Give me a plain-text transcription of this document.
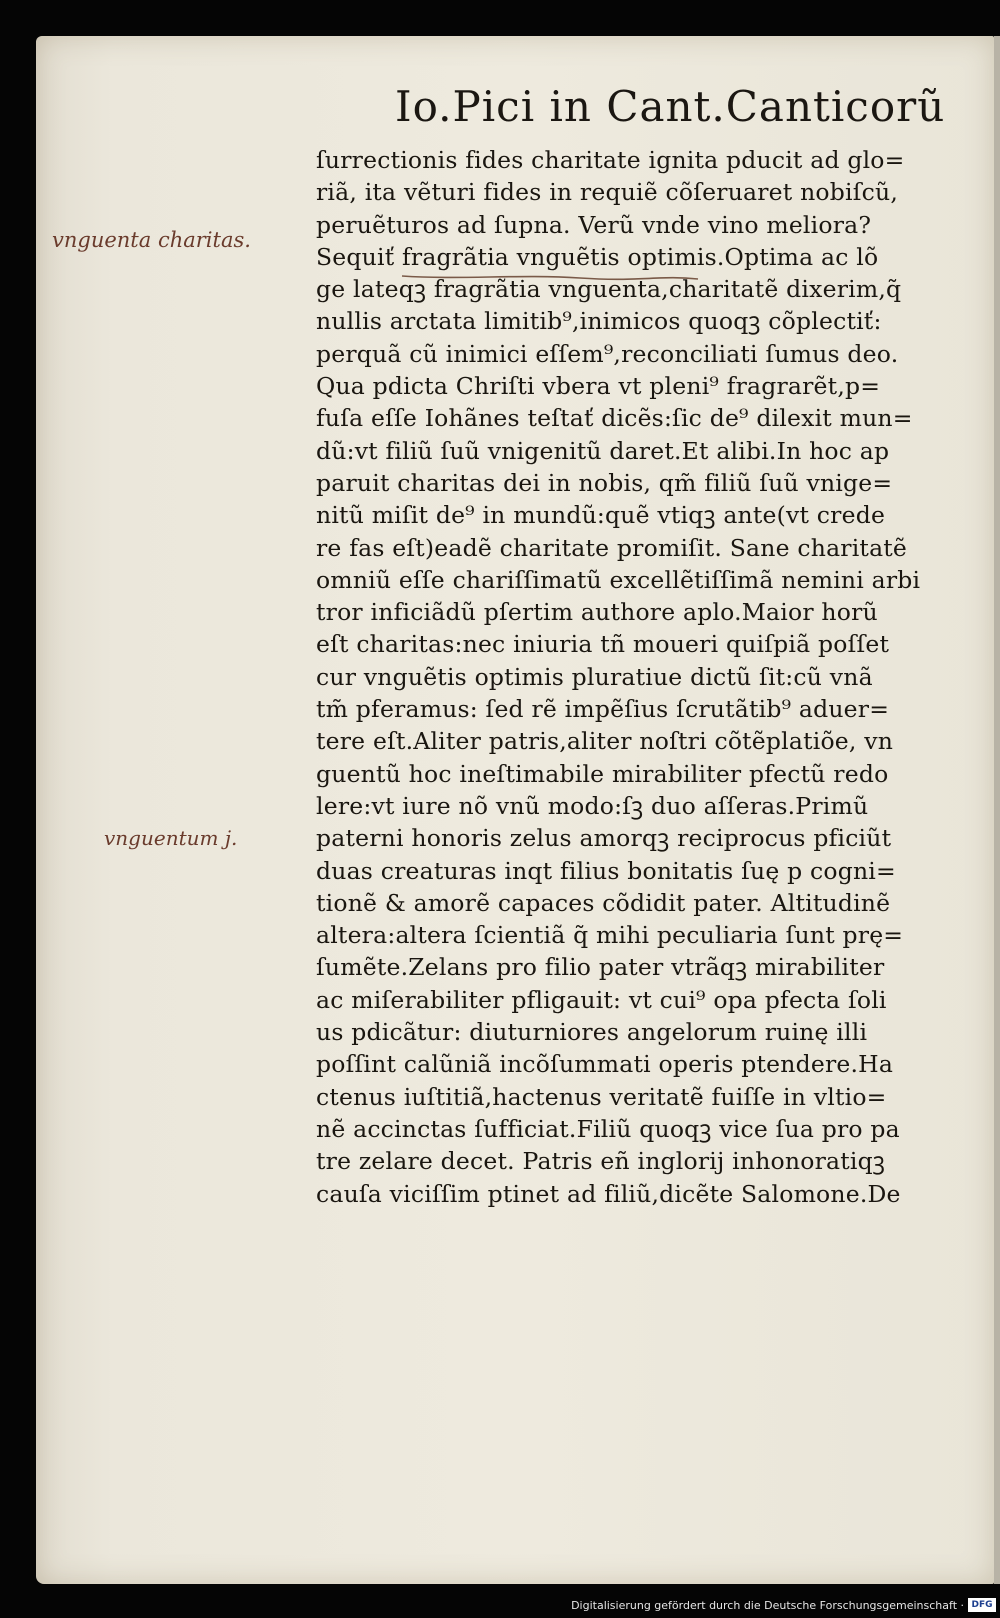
Io.Pici in Cant.Canticorũ
ſurrectionis fides charitate ignita pducit ad glo=
riã, ita vẽturi fides in requiẽ cõſeruaret nobiſcũ,
peruẽturos ad ſupna. Verũ vnde vino meliora?
Sequiť fragrãtia vnguẽtis optimis.Optima ac lõ
ge lateqꝫ fragrãtia vnguenta,charitatẽ dixerim,q̃
nullis arctata limitib⁹,inimicos quoqꝫ cõplectiť:
perquã cũ inimici eſſem⁹,reconciliati ſumus deo.
Qua pdicta Chriſti vbera vt pleni⁹ fragrarẽt,p=
fuſa eſſe Iohãnes teſtať dicẽs:ſic de⁹ dilexit mun=
dũ:vt filiũ ſuũ vnigenitũ daret.Et alibi.In hoc ap
paruit charitas dei in nobis, qm̃ filiũ ſuũ vnige=
nitũ miſit de⁹ in mundũ:quẽ vtiqꝫ ante(vt crede
re fas eſt)eadẽ charitate promiſit. Sane charitatẽ
omniũ eſſe chariſſimatũ excellẽtiſſimã nemini arbi
tror inficiãdũ pſertim authore aplo.Maior horũ
eſt charitas:nec iniuria tñ moueri quiſpiã poſſet
cur vnguẽtis optimis pluratiue dictũ ſit:cũ vnã
tm̃ pferamus: ſed rẽ impẽſius ſcrutãtib⁹ aduer=
tere eſt.Aliter patris,aliter noſtri cõtẽplatiõe, vn
guentũ hoc ineſtimabile mirabiliter pfectũ redo
lere:vt iure nõ vnũ modo:ſꝫ duo aſſeras.Primũ
paterni honoris zelus amorqꝫ reciprocus pficiũt
duas creaturas inqt filius bonitatis ſuę p cogni=
tionẽ & amorẽ capaces cõdidit pater. Altitudinẽ
altera:altera ſcientiã q̃ mihi peculiaria ſunt prę=
ſumẽte.Zelans pro filio pater vtrãqꝫ mirabiliter
ac miſerabiliter pfligauit: vt cui⁹ opa pfecta ſoli
us pdicãtur: diuturniores angelorum ruinę illi
poſſint calũniã incõſummati operis ptendere.Ha
ctenus iuſtitiã,hactenus veritatẽ fuiſſe in vltio=
nẽ accinctas ſufficiat.Filiũ quoqꝫ vice ſua pro pa
tre zelare decet. Patris eñ inglorij inhonoratiqꝫ
cauſa viciſſim ptinet ad filiũ,dicẽte Salomone.De
vnguenta charitas.
vnguentum j.
Digitalisierung gefördert durch die Deutsche Forschungsgemeinschaft · DFG
